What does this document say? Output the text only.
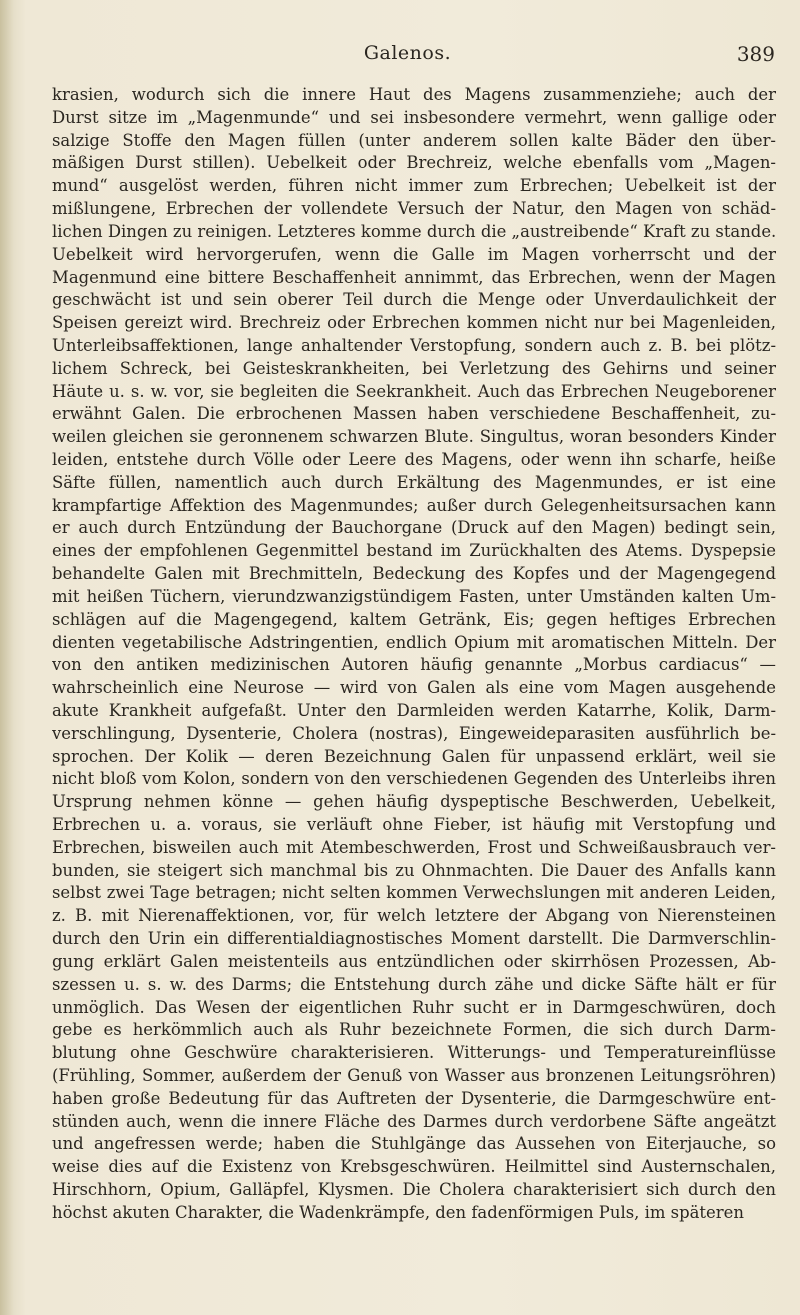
Galenos.	389
krasien, wodurch sich die innere Haut des Magens zusammenziehe; auch der
Durst sitze im „Magenmunde“ und sei insbesondere vermehrt, wenn gallige oder
salzige Stoffe den Magen füllen (unter anderem sollen kalte Bäder den über-
mäßigen Durst stillen). Uebelkeit oder Brechreiz, welche ebenfalls vom „Magen-
mund“ ausgelöst werden, führen nicht immer zum Erbrechen; Uebelkeit ist der
mißlungene, Erbrechen der vollendete Versuch der Natur, den Magen von schäd-
lichen Dingen zu reinigen. Letzteres komme durch die „austreibende“ Kraft zu stande.
Uebelkeit wird hervorgerufen, wenn die Galle im Magen vorherrscht und der
Magenmund eine bittere Beschaffenheit annimmt, das Erbrechen, wenn der Magen
geschwächt ist und sein oberer Teil durch die Menge oder Unverdaulichkeit der
Speisen gereizt wird. Brechreiz oder Erbrechen kommen nicht nur bei Magenleiden,
Unterleibsaffektionen, lange anhaltender Verstopfung, sondern auch z. B. bei plötz-
lichem Schreck, bei Geisteskrankheiten, bei Verletzung des Gehirns und seiner
Häute u. s. w. vor, sie begleiten die Seekrankheit. Auch das Erbrechen Neugeborener
erwähnt Galen. Die erbrochenen Massen haben verschiedene Beschaffenheit, zu-
weilen gleichen sie geronnenem schwarzen Blute. Singultus, woran besonders Kinder
leiden, entstehe durch Völle oder Leere des Magens, oder wenn ihn scharfe, heiße
Säfte füllen, namentlich auch durch Erkältung des Magenmundes, er ist eine
krampfartige Affektion des Magenmundes; außer durch Gelegenheitsursachen kann
er auch durch Entzündung der Bauchorgane (Druck auf den Magen) bedingt sein,
eines der empfohlenen Gegenmittel bestand im Zurückhalten des Atems. Dyspepsie
behandelte Galen mit Brechmitteln, Bedeckung des Kopfes und der Magengegend
mit heißen Tüchern, vierundzwanzigstündigem Fasten, unter Umständen kalten Um-
schlägen auf die Magengegend, kaltem Getränk, Eis; gegen heftiges Erbrechen
dienten vegetabilische Adstringentien, endlich Opium mit aromatischen Mitteln. Der
von den antiken medizinischen Autoren häufig genannte „Morbus cardiacus“ —
wahrscheinlich eine Neurose — wird von Galen als eine vom Magen ausgehende
akute Krankheit aufgefaßt. Unter den Darmleiden werden Katarrhe, Kolik, Darm-
verschlingung, Dysenterie, Cholera (nostras), Eingeweideparasiten ausführlich be-
sprochen. Der Kolik — deren Bezeichnung Galen für unpassend erklärt, weil sie
nicht bloß vom Kolon, sondern von den verschiedenen Gegenden des Unterleibs ihren
Ursprung nehmen könne — gehen häufig dyspeptische Beschwerden, Uebelkeit,
Erbrechen u. a. voraus, sie verläuft ohne Fieber, ist häufig mit Verstopfung und
Erbrechen, bisweilen auch mit Atembeschwerden, Frost und Schweißausbrauch ver-
bunden, sie steigert sich manchmal bis zu Ohnmachten. Die Dauer des Anfalls kann
selbst zwei Tage betragen; nicht selten kommen Verwechslungen mit anderen Leiden,
z. B. mit Nierenaffektionen, vor, für welch letztere der Abgang von Nierensteinen
durch den Urin ein differentialdiagnostisches Moment darstellt. Die Darmverschlin-
gung erklärt Galen meistenteils aus entzündlichen oder skirrhösen Prozessen, Ab-
szessen u. s. w. des Darms; die Entstehung durch zähe und dicke Säfte hält er für
unmöglich. Das Wesen der eigentlichen Ruhr sucht er in Darmgeschwüren, doch
gebe es herkömmlich auch als Ruhr bezeichnete Formen, die sich durch Darm-
blutung ohne Geschwüre charakterisieren. Witterungs- und Temperatureinflüsse
(Frühling, Sommer, außerdem der Genuß von Wasser aus bronzenen Leitungsröhren)
haben große Bedeutung für das Auftreten der Dysenterie, die Darmgeschwüre ent-
stünden auch, wenn die innere Fläche des Darmes durch verdorbene Säfte angeätzt
und angefressen werde; haben die Stuhlgänge das Aussehen von Eiterjauche, so
weise dies auf die Existenz von Krebsgeschwüren. Heilmittel sind Austernschalen,
Hirschhorn, Opium, Galläpfel, Klysmen. Die Cholera charakterisiert sich durch den
höchst akuten Charakter, die Wadenkrämpfe, den fadenförmigen Puls, im späteren
